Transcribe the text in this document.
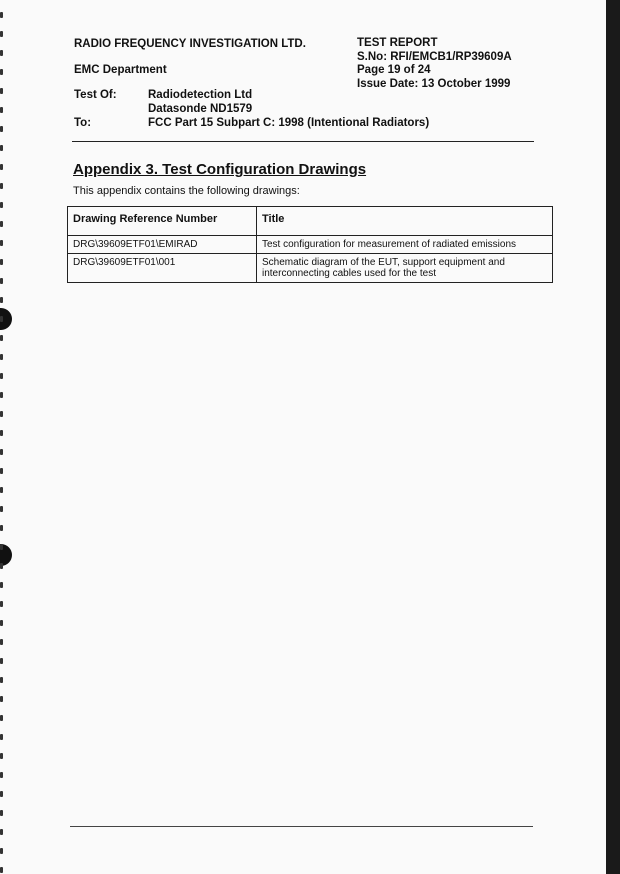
RADIO FREQUENCY INVESTIGATION LTD.
EMC Department
TEST REPORT
S.No: RFI/EMCB1/RP39609A
Page 19 of 24
Issue Date: 13 October 1999
Test Of:	Radiodetection Ltd
Datasonde ND1579
To:	FCC Part 15 Subpart C: 1998 (Intentional Radiators)
Appendix 3. Test Configuration Drawings
This appendix contains the following drawings:
Drawing Reference Number	Title
DRG\39609ETF01\EMIRAD	Test configuration for measurement of radiated emissions
DRG\39609ETF01\001	Schematic diagram of the EUT, support equipment and interconnecting cables used for the test
